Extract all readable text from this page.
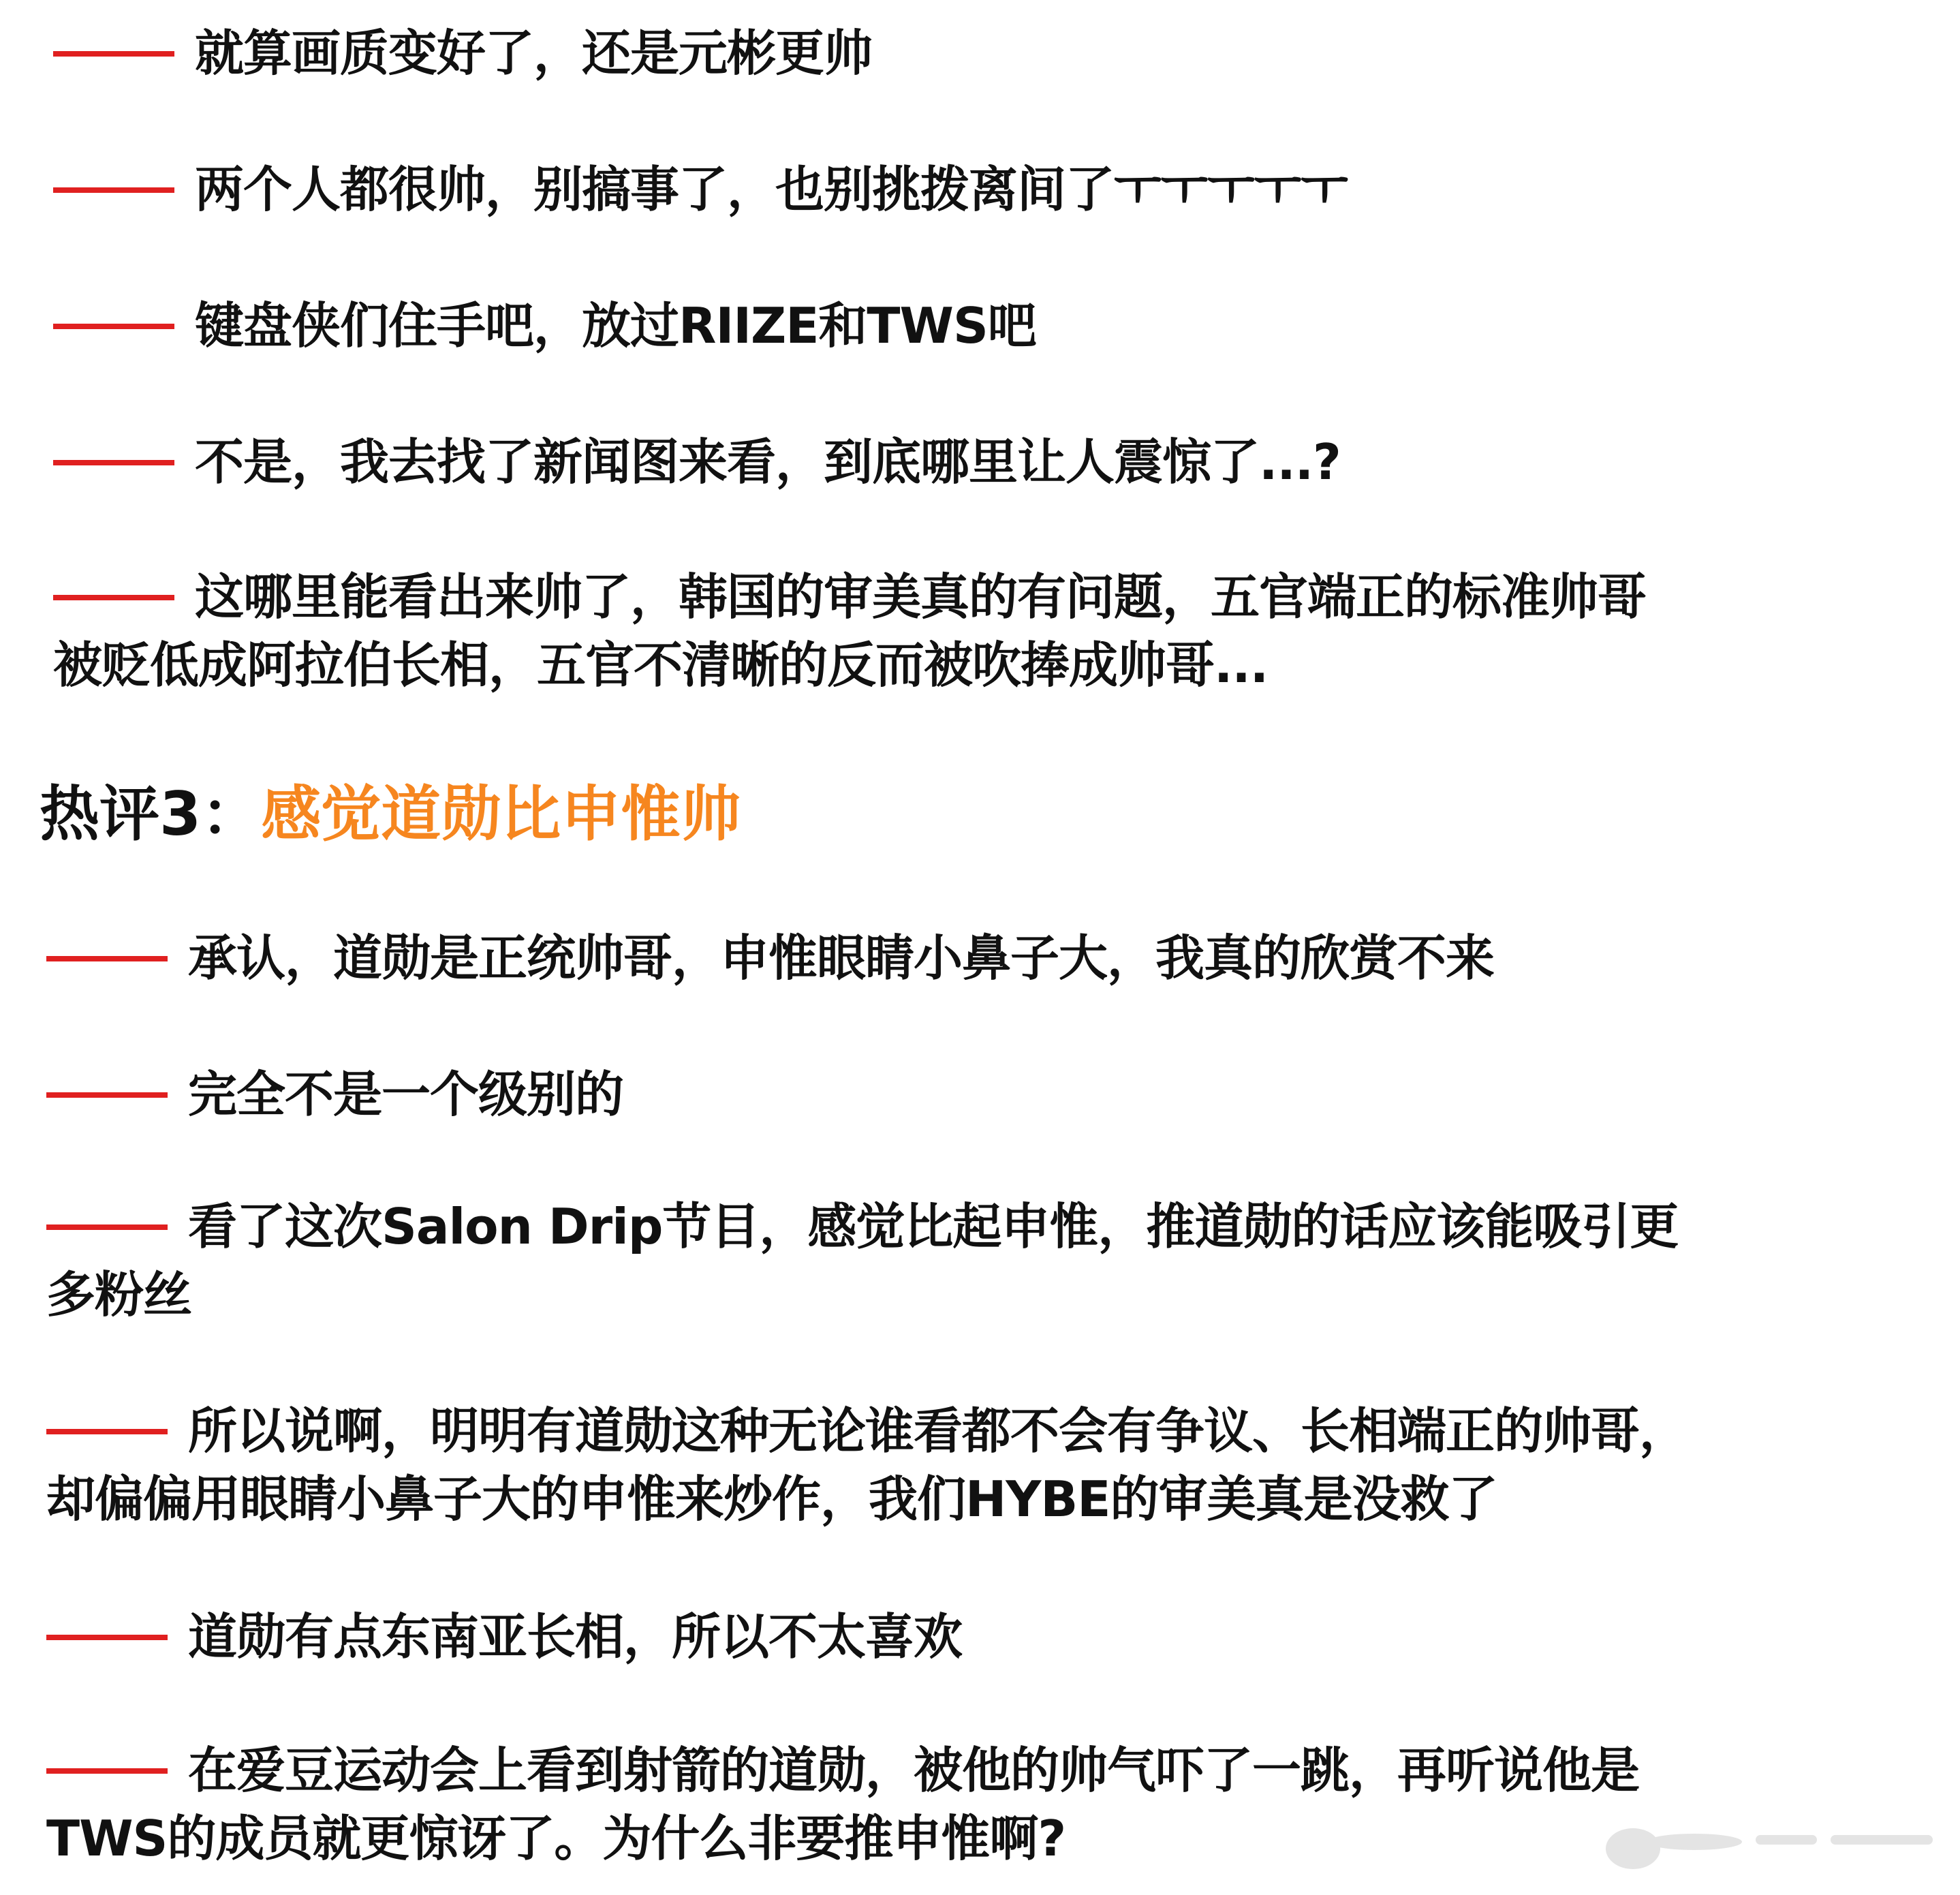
就算画质变好了，还是元彬更帅
两个人都很帅，别搞事了，也别挑拨离间了ㅜㅜㅜㅜㅜ
键盘侠们住手吧，放过RIIZE和TWS吧
不是，我去找了新闻图来看，到底哪里让人震惊了...?
这哪里能看出来帅了，韩国的审美真的有问题，五官端正的标准帅哥
被贬低成阿拉伯长相，五官不清晰的反而被吹捧成帅哥...
热评3：感觉道勋比申惟帅
承认，道勋是正统帅哥，申惟眼睛小鼻子大，我真的欣赏不来
完全不是一个级别的
看了这次Salon Drip节目，感觉比起申惟，推道勋的话应该能吸引更
多粉丝
所以说啊，明明有道勋这种无论谁看都不会有争议、长相端正的帅哥，
却偏偏用眼睛小鼻子大的申惟来炒作，我们HYBE的审美真是没救了
道勋有点东南亚长相，所以不太喜欢
在爱豆运动会上看到射箭的道勋，被他的帅气吓了一跳，再听说他是
TWS的成员就更惊讶了。为什么非要推申惟啊?
